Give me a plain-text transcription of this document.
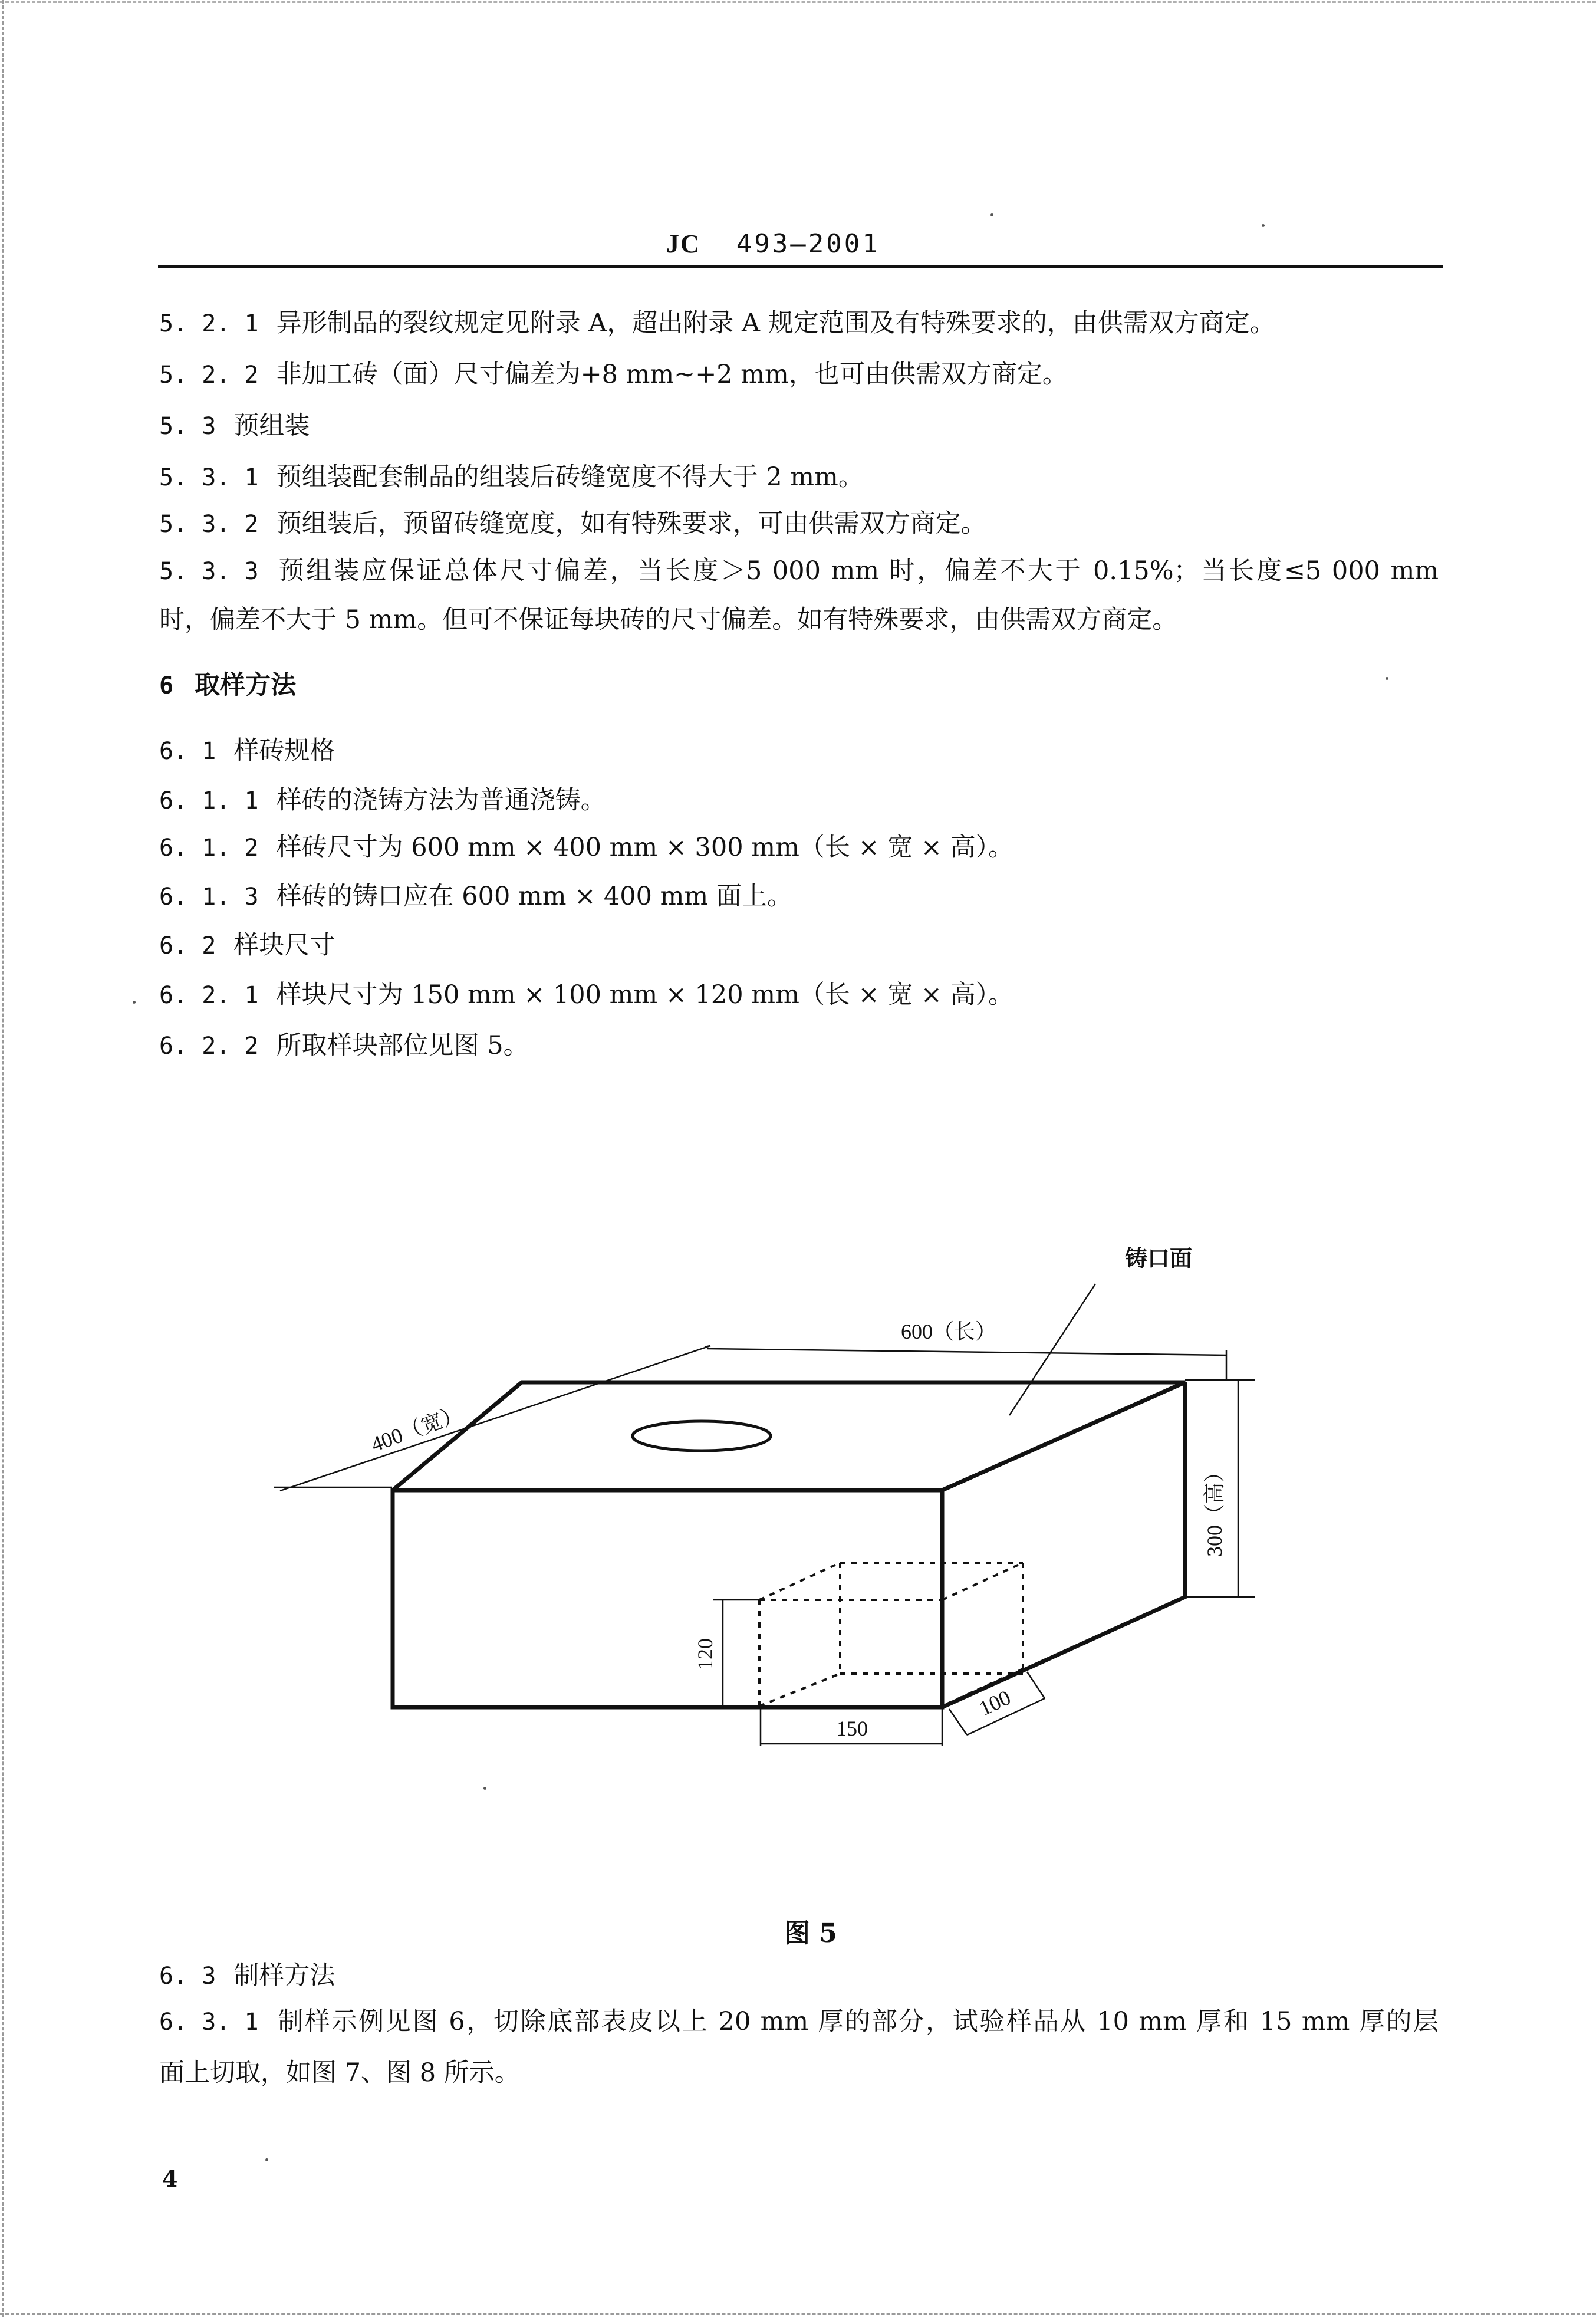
JC 493—2001
5. 2. 1 异形制品的裂纹规定见附录 A，超出附录 A 规定范围及有特殊要求的，由供需双方商定。
5. 2. 2 非加工砖（面）尺寸偏差为+8 mm~+2 mm，也可由供需双方商定。
5. 3 预组装
5. 3. 1 预组装配套制品的组装后砖缝宽度不得大于 2 mm。
5. 3. 2 预组装后，预留砖缝宽度，如有特殊要求，可由供需双方商定。
5. 3. 3 预组装应保证总体尺寸偏差，当长度＞5 000 mm 时，偏差不大于 0.15%；当长度≤5 000 mm
时，偏差不大于 5 mm。但可不保证每块砖的尺寸偏差。如有特殊要求，由供需双方商定。
6 取样方法
6. 1 样砖规格
6. 1. 1 样砖的浇铸方法为普通浇铸。
6. 1. 2 样砖尺寸为 600 mm × 400 mm × 300 mm（长 × 宽 × 高）。
6. 1. 3 样砖的铸口应在 600 mm × 400 mm 面上。
6. 2 样块尺寸
6. 2. 1 样块尺寸为 150 mm × 100 mm × 120 mm（长 × 宽 × 高）。
6. 2. 2 所取样块部位见图 5。
铸口面
600（长）
400（宽）
300（高）
120
150
100
图 5
6. 3 制样方法
6. 3. 1 制样示例见图 6，切除底部表皮以上 20 mm 厚的部分，试验样品从 10 mm 厚和 15 mm 厚的层
面上切取，如图 7、图 8 所示。
4
